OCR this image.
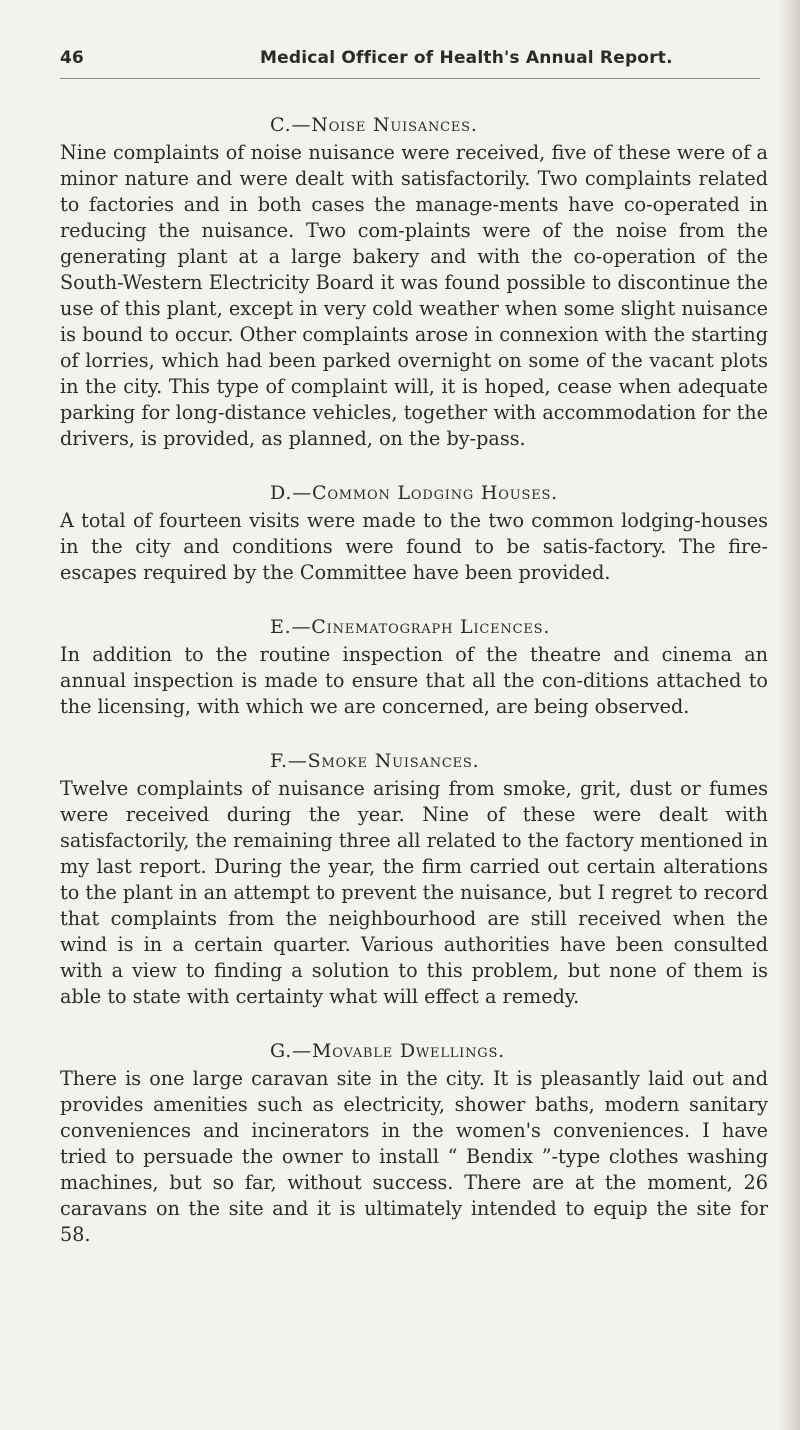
46	Medical Officer of Health's Annual Report.
C.—Noise Nuisances.

Nine complaints of noise nuisance were received, five of these were of a minor nature and were dealt with satisfactorily. Two complaints related to factories and in both cases the manage-ments have co-operated in reducing the nuisance. Two com-plaints were of the noise from the generating plant at a large bakery and with the co-operation of the South-Western Electricity Board it was found possible to discontinue the use of this plant, except in very cold weather when some slight nuisance is bound to occur. Other complaints arose in connexion with the starting of lorries, which had been parked overnight on some of the vacant plots in the city. This type of complaint will, it is hoped, cease when adequate parking for long-distance vehicles, together with accommodation for the drivers, is provided, as planned, on the by-pass.

D.—Common Lodging Houses.

A total of fourteen visits were made to the two common lodging-houses in the city and conditions were found to be satis-factory. The fire-escapes required by the Committee have been provided.

E.—Cinematograph Licences.

In addition to the routine inspection of the theatre and cinema an annual inspection is made to ensure that all the con-ditions attached to the licensing, with which we are concerned, are being observed.

F.—Smoke Nuisances.

Twelve complaints of nuisance arising from smoke, grit, dust or fumes were received during the year. Nine of these were dealt with satisfactorily, the remaining three all related to the factory mentioned in my last report. During the year, the firm carried out certain alterations to the plant in an attempt to prevent the nuisance, but I regret to record that complaints from the neighbourhood are still received when the wind is in a certain quarter. Various authorities have been consulted with a view to finding a solution to this problem, but none of them is able to state with certainty what will effect a remedy.

G.—Movable Dwellings.

There is one large caravan site in the city. It is pleasantly laid out and provides amenities such as electricity, shower baths, modern sanitary conveniences and incinerators in the women's conveniences. I have tried to persuade the owner to install “ Bendix ”-type clothes washing machines, but so far, without success. There are at the moment, 26 caravans on the site and it is ultimately intended to equip the site for 58.
